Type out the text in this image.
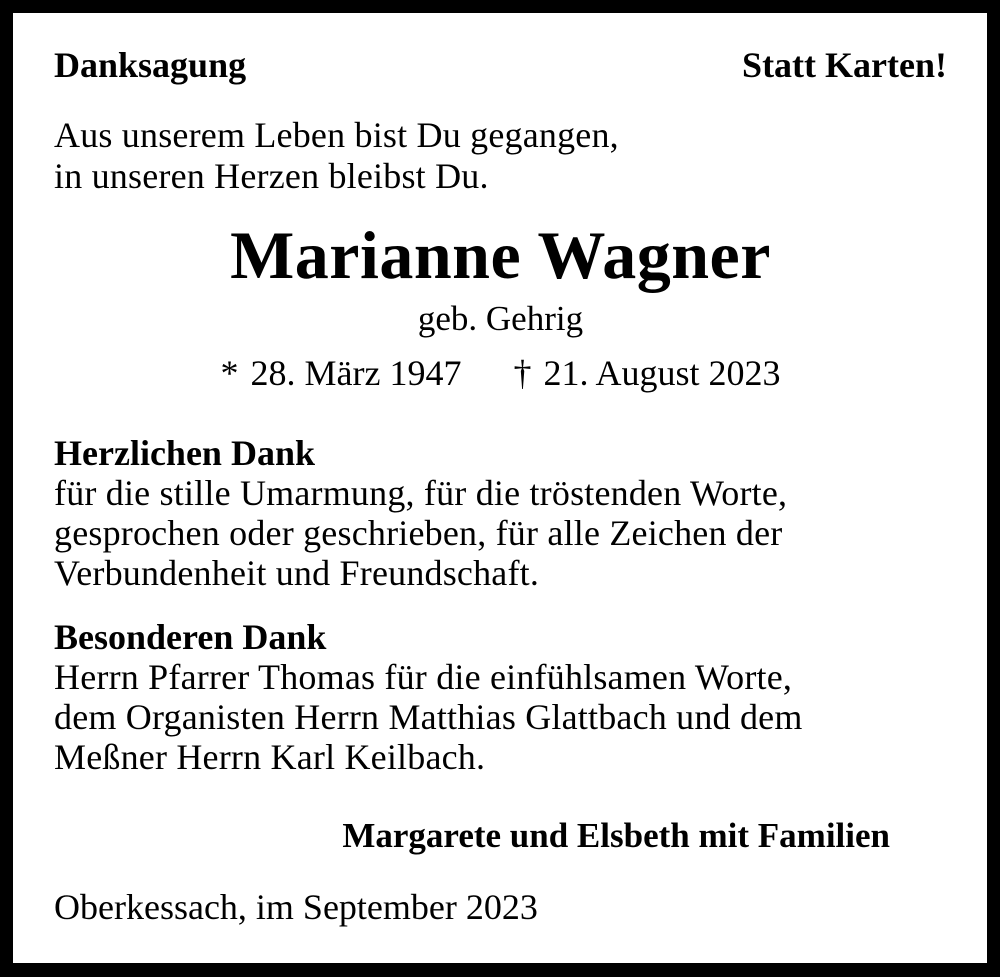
Danksagung	Statt Karten!
Aus unserem Leben bist Du gegangen,
in unseren Herzen bleibst Du.
Marianne Wagner
geb. Gehrig
* 28. März 1947 † 21. August 2023
Herzlichen Dank
für die stille Umarmung, für die tröstenden Worte,
gesprochen oder geschrieben, für alle Zeichen der
Verbundenheit und Freundschaft.
Besonderen Dank
Herrn Pfarrer Thomas für die einfühlsamen Worte,
dem Organisten Herrn Matthias Glattbach und dem
Meßner Herrn Karl Keilbach.
Margarete und Elsbeth mit Familien
Oberkessach, im September 2023
